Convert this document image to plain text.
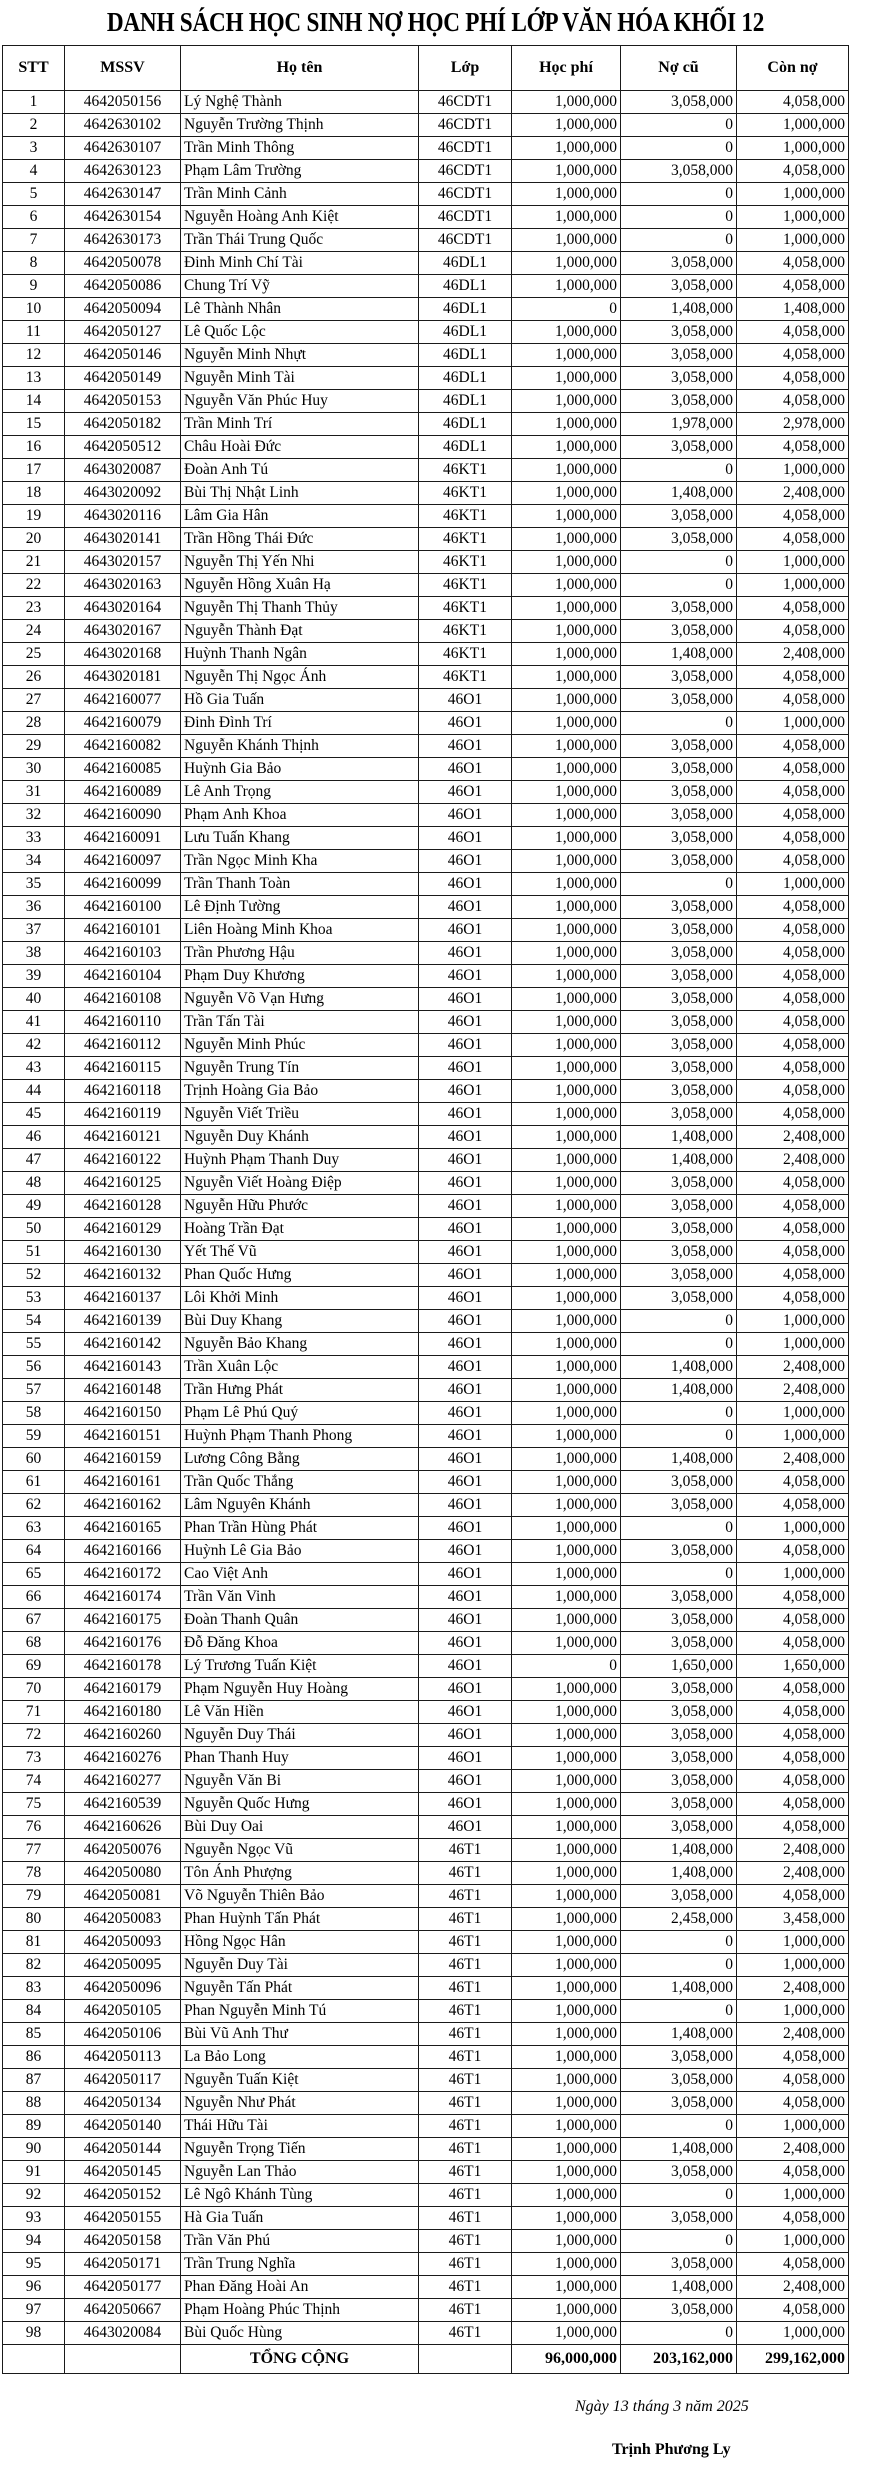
DANH SÁCH HỌC SINH NỢ HỌC PHÍ LỚP VĂN HÓA KHỐI 12
STT	MSSV	Họ tên	Lớp	Học phí	Nợ cũ	Còn nợ
1	4642050156	Lý Nghệ Thành	46CDT1	1,000,000	3,058,000	4,058,000
2	4642630102	Nguyễn Trường Thịnh	46CDT1	1,000,000	0	1,000,000
3	4642630107	Trần Minh Thông	46CDT1	1,000,000	0	1,000,000
4	4642630123	Phạm Lâm Trường	46CDT1	1,000,000	3,058,000	4,058,000
5	4642630147	Trần Minh Cảnh	46CDT1	1,000,000	0	1,000,000
6	4642630154	Nguyễn Hoàng Anh Kiệt	46CDT1	1,000,000	0	1,000,000
7	4642630173	Trần Thái Trung Quốc	46CDT1	1,000,000	0	1,000,000
8	4642050078	Đinh Minh Chí Tài	46DL1	1,000,000	3,058,000	4,058,000
9	4642050086	Chung Trí Vỹ	46DL1	1,000,000	3,058,000	4,058,000
10	4642050094	Lê Thành Nhân	46DL1	0	1,408,000	1,408,000
11	4642050127	Lê Quốc Lộc	46DL1	1,000,000	3,058,000	4,058,000
12	4642050146	Nguyễn Minh Nhựt	46DL1	1,000,000	3,058,000	4,058,000
13	4642050149	Nguyễn Minh Tài	46DL1	1,000,000	3,058,000	4,058,000
14	4642050153	Nguyễn Văn Phúc Huy	46DL1	1,000,000	3,058,000	4,058,000
15	4642050182	Trần Minh Trí	46DL1	1,000,000	1,978,000	2,978,000
16	4642050512	Châu Hoài Đức	46DL1	1,000,000	3,058,000	4,058,000
17	4643020087	Đoàn Anh Tú	46KT1	1,000,000	0	1,000,000
18	4643020092	Bùi Thị Nhật Linh	46KT1	1,000,000	1,408,000	2,408,000
19	4643020116	Lâm Gia Hân	46KT1	1,000,000	3,058,000	4,058,000
20	4643020141	Trần Hồng Thái Đức	46KT1	1,000,000	3,058,000	4,058,000
21	4643020157	Nguyễn Thị Yến Nhi	46KT1	1,000,000	0	1,000,000
22	4643020163	Nguyễn Hồng Xuân Hạ	46KT1	1,000,000	0	1,000,000
23	4643020164	Nguyễn Thị Thanh Thủy	46KT1	1,000,000	3,058,000	4,058,000
24	4643020167	Nguyễn Thành Đạt	46KT1	1,000,000	3,058,000	4,058,000
25	4643020168	Huỳnh Thanh Ngân	46KT1	1,000,000	1,408,000	2,408,000
26	4643020181	Nguyễn Thị Ngọc Ánh	46KT1	1,000,000	3,058,000	4,058,000
27	4642160077	Hồ Gia Tuấn	46O1	1,000,000	3,058,000	4,058,000
28	4642160079	Đinh Đình Trí	46O1	1,000,000	0	1,000,000
29	4642160082	Nguyễn Khánh Thịnh	46O1	1,000,000	3,058,000	4,058,000
30	4642160085	Huỳnh Gia Bảo	46O1	1,000,000	3,058,000	4,058,000
31	4642160089	Lê Anh Trọng	46O1	1,000,000	3,058,000	4,058,000
32	4642160090	Phạm Anh Khoa	46O1	1,000,000	3,058,000	4,058,000
33	4642160091	Lưu Tuấn Khang	46O1	1,000,000	3,058,000	4,058,000
34	4642160097	Trần Ngọc Minh Kha	46O1	1,000,000	3,058,000	4,058,000
35	4642160099	Trần Thanh Toàn	46O1	1,000,000	0	1,000,000
36	4642160100	Lê Định Tường	46O1	1,000,000	3,058,000	4,058,000
37	4642160101	Liên Hoàng Minh Khoa	46O1	1,000,000	3,058,000	4,058,000
38	4642160103	Trần Phương Hậu	46O1	1,000,000	3,058,000	4,058,000
39	4642160104	Phạm Duy Khương	46O1	1,000,000	3,058,000	4,058,000
40	4642160108	Nguyễn Võ Vạn Hưng	46O1	1,000,000	3,058,000	4,058,000
41	4642160110	Trần Tấn Tài	46O1	1,000,000	3,058,000	4,058,000
42	4642160112	Nguyễn Minh Phúc	46O1	1,000,000	3,058,000	4,058,000
43	4642160115	Nguyễn Trung Tín	46O1	1,000,000	3,058,000	4,058,000
44	4642160118	Trịnh Hoàng Gia Bảo	46O1	1,000,000	3,058,000	4,058,000
45	4642160119	Nguyễn Viết Triều	46O1	1,000,000	3,058,000	4,058,000
46	4642160121	Nguyễn Duy Khánh	46O1	1,000,000	1,408,000	2,408,000
47	4642160122	Huỳnh Phạm Thanh Duy	46O1	1,000,000	1,408,000	2,408,000
48	4642160125	Nguyễn Viết Hoàng Điệp	46O1	1,000,000	3,058,000	4,058,000
49	4642160128	Nguyễn Hữu Phước	46O1	1,000,000	3,058,000	4,058,000
50	4642160129	Hoàng Trần Đạt	46O1	1,000,000	3,058,000	4,058,000
51	4642160130	Yết Thế Vũ	46O1	1,000,000	3,058,000	4,058,000
52	4642160132	Phan Quốc Hưng	46O1	1,000,000	3,058,000	4,058,000
53	4642160137	Lôi Khởi Minh	46O1	1,000,000	3,058,000	4,058,000
54	4642160139	Bùi Duy Khang	46O1	1,000,000	0	1,000,000
55	4642160142	Nguyễn Bảo Khang	46O1	1,000,000	0	1,000,000
56	4642160143	Trần Xuân Lộc	46O1	1,000,000	1,408,000	2,408,000
57	4642160148	Trần Hưng Phát	46O1	1,000,000	1,408,000	2,408,000
58	4642160150	Phạm Lê Phú Quý	46O1	1,000,000	0	1,000,000
59	4642160151	Huỳnh Phạm Thanh Phong	46O1	1,000,000	0	1,000,000
60	4642160159	Lương Công Bằng	46O1	1,000,000	1,408,000	2,408,000
61	4642160161	Trần Quốc Thắng	46O1	1,000,000	3,058,000	4,058,000
62	4642160162	Lâm Nguyên Khánh	46O1	1,000,000	3,058,000	4,058,000
63	4642160165	Phan Trần Hùng Phát	46O1	1,000,000	0	1,000,000
64	4642160166	Huỳnh Lê Gia Bảo	46O1	1,000,000	3,058,000	4,058,000
65	4642160172	Cao Việt Anh	46O1	1,000,000	0	1,000,000
66	4642160174	Trần Văn Vinh	46O1	1,000,000	3,058,000	4,058,000
67	4642160175	Đoàn Thanh Quân	46O1	1,000,000	3,058,000	4,058,000
68	4642160176	Đỗ Đăng Khoa	46O1	1,000,000	3,058,000	4,058,000
69	4642160178	Lý Trương Tuấn Kiệt	46O1	0	1,650,000	1,650,000
70	4642160179	Phạm Nguyễn Huy Hoàng	46O1	1,000,000	3,058,000	4,058,000
71	4642160180	Lê Văn Hiền	46O1	1,000,000	3,058,000	4,058,000
72	4642160260	Nguyễn Duy Thái	46O1	1,000,000	3,058,000	4,058,000
73	4642160276	Phan Thanh Huy	46O1	1,000,000	3,058,000	4,058,000
74	4642160277	Nguyễn Văn Bi	46O1	1,000,000	3,058,000	4,058,000
75	4642160539	Nguyễn Quốc Hưng	46O1	1,000,000	3,058,000	4,058,000
76	4642160626	Bùi Duy Oai	46O1	1,000,000	3,058,000	4,058,000
77	4642050076	Nguyễn Ngọc Vũ	46T1	1,000,000	1,408,000	2,408,000
78	4642050080	Tôn Ánh Phượng	46T1	1,000,000	1,408,000	2,408,000
79	4642050081	Võ Nguyễn Thiên Bảo	46T1	1,000,000	3,058,000	4,058,000
80	4642050083	Phan Huỳnh Tấn Phát	46T1	1,000,000	2,458,000	3,458,000
81	4642050093	Hồng Ngọc Hân	46T1	1,000,000	0	1,000,000
82	4642050095	Nguyễn Duy Tài	46T1	1,000,000	0	1,000,000
83	4642050096	Nguyễn Tấn Phát	46T1	1,000,000	1,408,000	2,408,000
84	4642050105	Phan Nguyễn Minh Tú	46T1	1,000,000	0	1,000,000
85	4642050106	Bùi Vũ Anh Thư	46T1	1,000,000	1,408,000	2,408,000
86	4642050113	La Bảo Long	46T1	1,000,000	3,058,000	4,058,000
87	4642050117	Nguyễn Tuấn Kiệt	46T1	1,000,000	3,058,000	4,058,000
88	4642050134	Nguyễn Như Phát	46T1	1,000,000	3,058,000	4,058,000
89	4642050140	Thái Hữu Tài	46T1	1,000,000	0	1,000,000
90	4642050144	Nguyễn Trọng Tiến	46T1	1,000,000	1,408,000	2,408,000
91	4642050145	Nguyễn Lan Thảo	46T1	1,000,000	3,058,000	4,058,000
92	4642050152	Lê Ngô Khánh Tùng	46T1	1,000,000	0	1,000,000
93	4642050155	Hà Gia Tuấn	46T1	1,000,000	3,058,000	4,058,000
94	4642050158	Trần Văn Phú	46T1	1,000,000	0	1,000,000
95	4642050171	Trần Trung Nghĩa	46T1	1,000,000	3,058,000	4,058,000
96	4642050177	Phan Đăng Hoài An	46T1	1,000,000	1,408,000	2,408,000
97	4642050667	Phạm Hoàng Phúc Thịnh	46T1	1,000,000	3,058,000	4,058,000
98	4643020084	Bùi Quốc Hùng	46T1	1,000,000	0	1,000,000
		TỔNG CỘNG		96,000,000	203,162,000	299,162,000
Ngày 13 tháng 3 năm 2025
Trịnh Phương Ly
